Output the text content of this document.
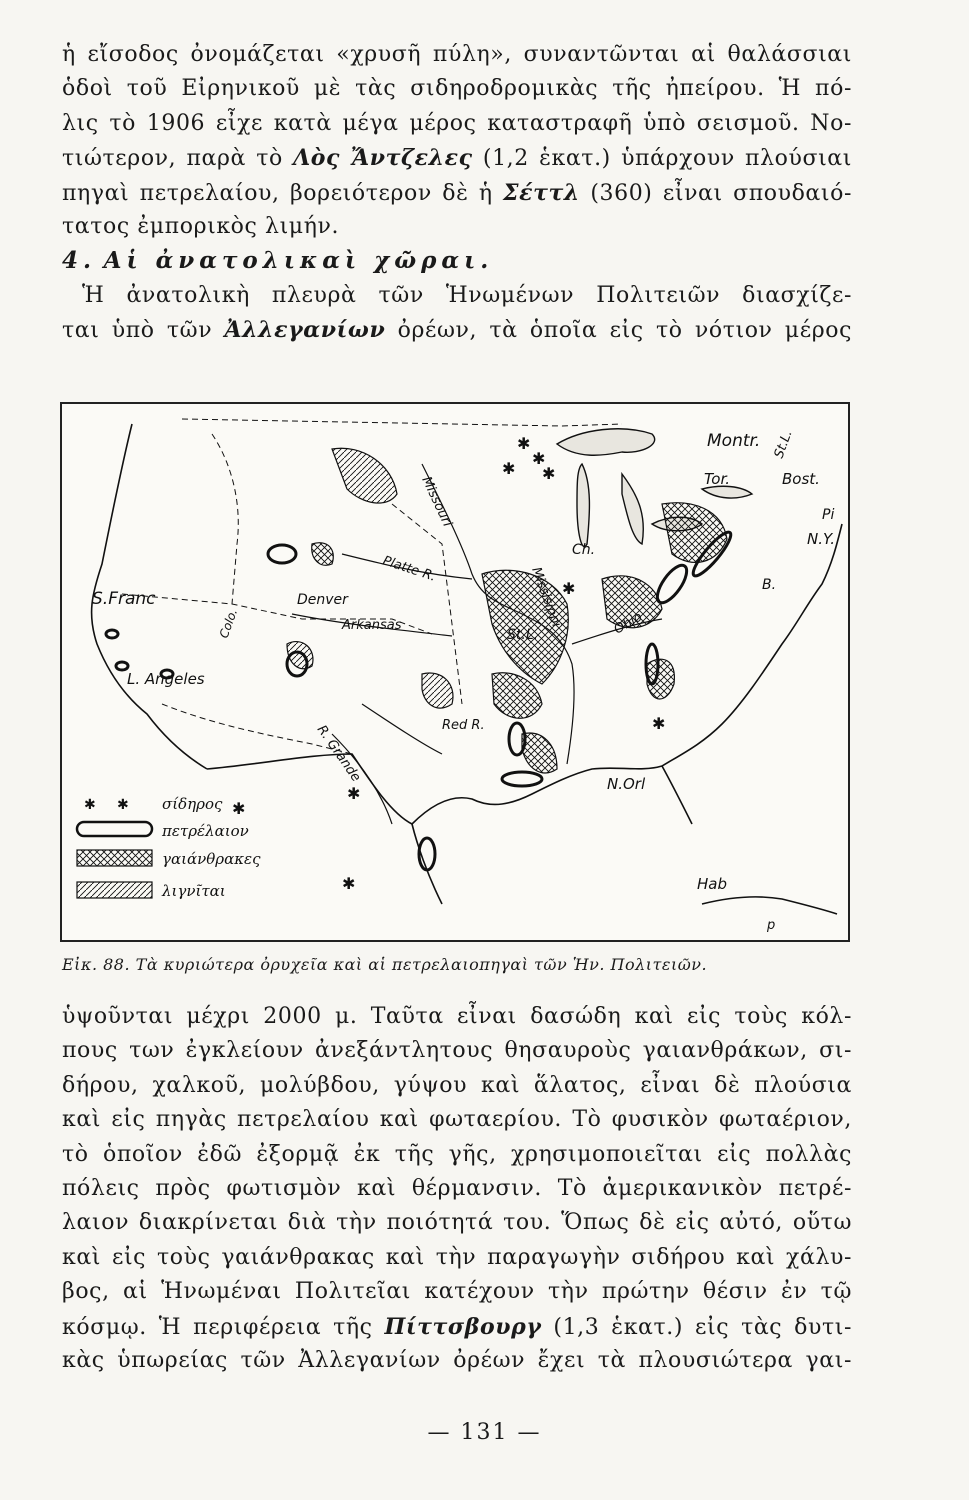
ἡ εἴσοδος ὀνομάζεται «χρυσῆ πύλη», συναντῶνται αἱ θαλάσσιαι
ὁδοὶ τοῦ Εἰρηνικοῦ μὲ τὰς σιδηροδρομικὰς τῆς ἠπείρου. Ἡ πό-
λις τὸ 1906 εἶχε κατὰ μέγα μέρος καταστραφῆ ὑπὸ σεισμοῦ. Νο-
τιώτερον, παρὰ τὸ Λὸς Ἄντζελες (1,2 ἑκατ.) ὑπάρχουν πλούσιαι
πηγαὶ πετρελαίου, βορειότερον δὲ ἡ Σέττλ (360) εἶναι σπουδαιό-
τατος ἐμπορικὸς λιμήν.
4. Αἱ ἀνατολικαὶ χῶραι.
Ἡ ἀνατολικὴ πλευρὰ τῶν Ἡνωμένων Πολιτειῶν διασχίζε-
ται ὑπὸ τῶν Ἀλλεγανίων ὀρέων, τὰ ὁποῖα εἰς τὸ νότιον μέρος
✱
✱
✱
✱
✱
✱
✱
✱
✱
Montr.
Tor.	Bost.
Pi
N.Y.
B.
St.L.
Ch.
Ohio
Missouri
Missisippi
Platte R.
Arkansas
Denver
St.L.
S.Franc
L. Angeles
Colo.
Red R.
R. Grande	N.Orl
Hab
p
✱ ✱ σίδηρος
πετρέλαιον
γαιάνθρακες
λιγνῖται
Εἰκ. 88. Τὰ κυριώτερα ὀρυχεῖα καὶ αἱ πετρελαιοπηγαὶ τῶν Ἡν. Πολιτειῶν.
ὑψοῦνται μέχρι 2000 μ. Ταῦτα εἶναι δασώδη καὶ εἰς τοὺς κόλ-
πους των ἐγκλείουν ἀνεξάντλητους θησαυροὺς γαιανθράκων, σι-
δήρου, χαλκοῦ, μολύβδου, γύψου καὶ ἅλατος, εἶναι δὲ πλούσια
καὶ εἰς πηγὰς πετρελαίου καὶ φωταερίου. Τὸ φυσικὸν φωταέριον,
τὸ ὁποῖον ἐδῶ ἐξορμᾷ ἐκ τῆς γῆς, χρησιμοποιεῖται εἰς πολλὰς
πόλεις πρὸς φωτισμὸν καὶ θέρμανσιν. Τὸ ἀμερικανικὸν πετρέ-
λαιον διακρίνεται διὰ τὴν ποιότητά του. Ὅπως δὲ εἰς αὐτό, οὕτω
καὶ εἰς τοὺς γαιάνθρακας καὶ τὴν παραγωγὴν σιδήρου καὶ χάλυ-
βος, αἱ Ἡνωμέναι Πολιτεῖαι κατέχουν τὴν πρώτην θέσιν ἐν τῷ
κόσμῳ. Ἡ περιφέρεια τῆς Πίττσβουργ (1,3 ἑκατ.) εἰς τὰς δυτι-
κὰς ὑπωρείας τῶν Ἀλλεγανίων ὀρέων ἔχει τὰ πλουσιώτερα γαι-
— 131 —
